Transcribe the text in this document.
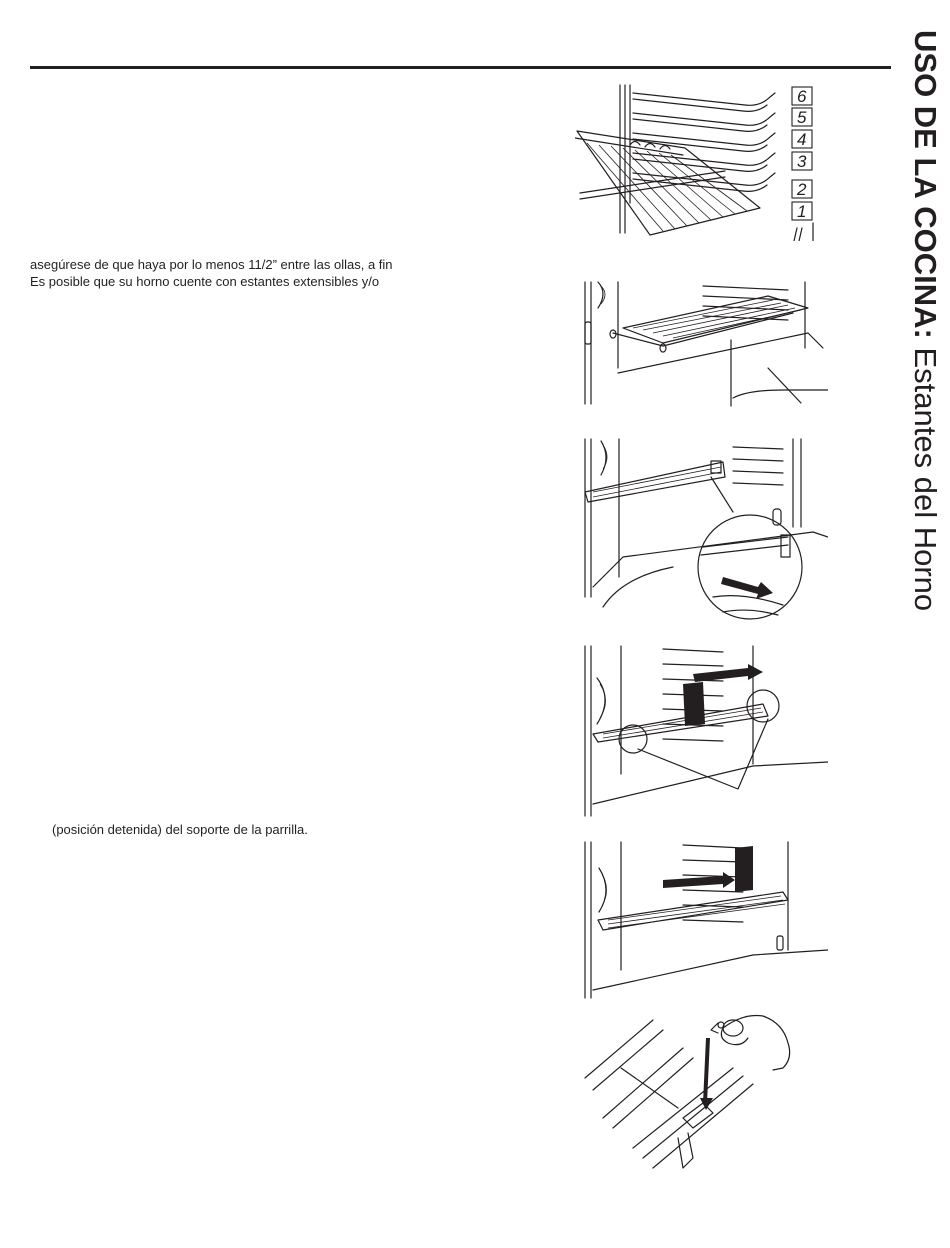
USO DE LA COCINA: Estantes del Horno
asegúrese de que haya por lo menos 11/2” entre las ollas, a fin
Es posible que su horno cuente con estantes extensibles y/o
(posición detenida) del soporte de la parrilla.
6
5
4
3
2
1
